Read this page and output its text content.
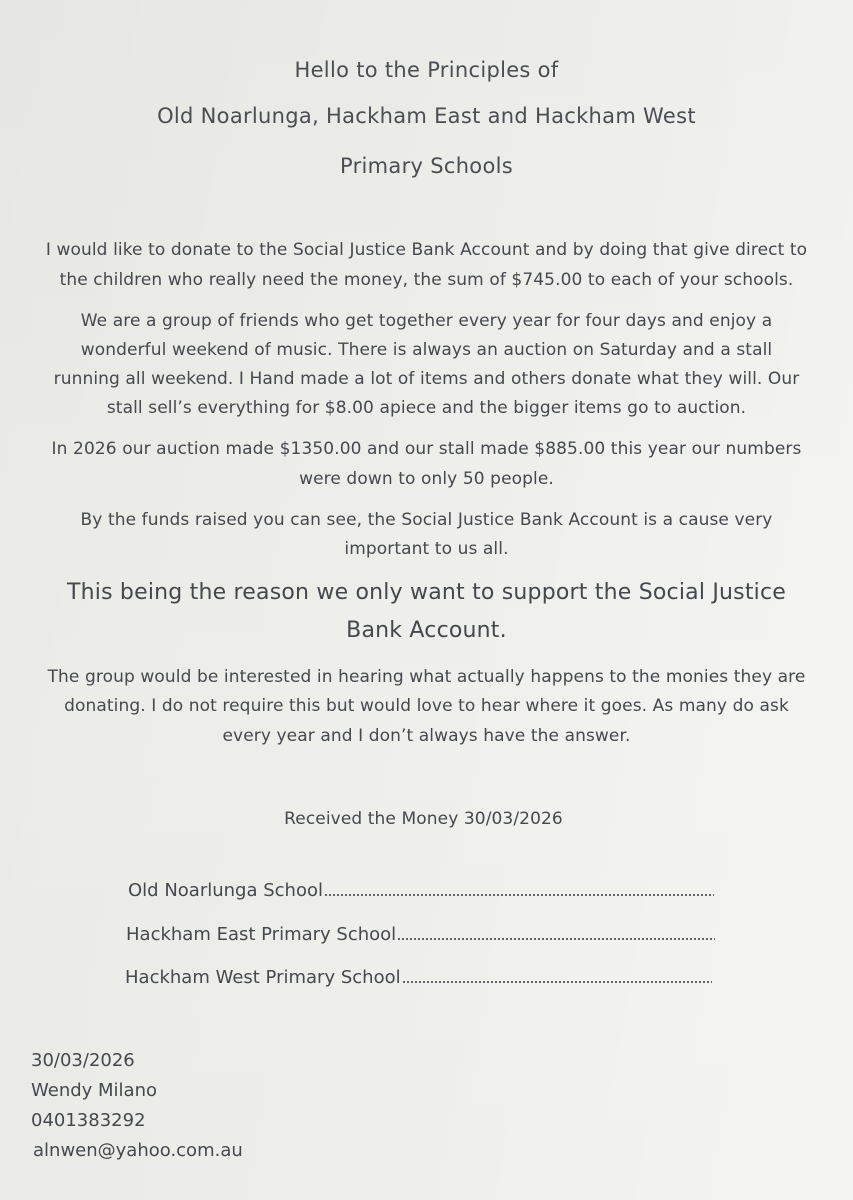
Hello to the Principles of
Old Noarlunga, Hackham East and Hackham West
Primary Schools
I would like to donate to the Social Justice Bank Account and by doing that give direct to
the children who really need the money, the sum of $745.00 to each of your schools.
We are a group of friends who get together every year for four days and enjoy a
wonderful weekend of music. There is always an auction on Saturday and a stall
running all weekend. I Hand made a lot of items and others donate what they will. Our
stall sell’s everything for $8.00 apiece and the bigger items go to auction.
In 2026 our auction made $1350.00 and our stall made $885.00 this year our numbers
were down to only 50 people.
By the funds raised you can see, the Social Justice Bank Account is a cause very
important to us all.
This being the reason we only want to support the Social Justice
Bank Account.
The group would be interested in hearing what actually happens to the monies they are
donating. I do not require this but would love to hear where it goes. As many do ask
every year and I don’t always have the answer.
Received the Money 30/03/2026
Old Noarlunga School
Hackham East Primary School
Hackham West Primary School
30/03/2026
Wendy Milano
0401383292
alnwen@yahoo.com.au
